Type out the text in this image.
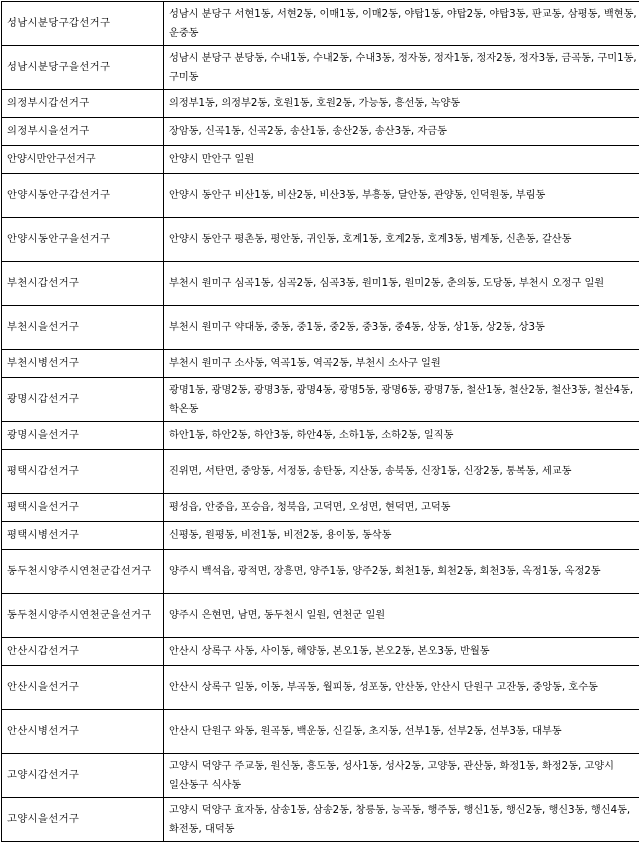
성남시분당구갑선거구	성남시 분당구 서현1동, 서현2동, 이매1동, 이매2동, 야탑1동, 야탑2동, 야탑3동, 판교동, 삼평동, 백현동, 운중동
성남시분당구을선거구	성남시 분당구 분당동, 수내1동, 수내2동, 수내3동, 정자동, 정자1동, 정자2동, 정자3동, 금곡동, 구미1동, 구미동
의정부시갑선거구	의정부1동, 의정부2동, 호원1동, 호원2동, 가능동, 흥선동, 녹양동
의정부시을선거구	장암동, 신곡1동, 신곡2동, 송산1동, 송산2동, 송산3동, 자금동
안양시만안구선거구	안양시 만안구 일원
안양시동안구갑선거구	안양시 동안구 비산1동, 비산2동, 비산3동, 부흥동, 달안동, 관양동, 인덕원동, 부림동
안양시동안구을선거구	안양시 동안구 평촌동, 평안동, 귀인동, 호계1동, 호계2동, 호계3동, 범계동, 신촌동, 갈산동
부천시갑선거구	부천시 원미구 심곡1동, 심곡2동, 심곡3동, 원미1동, 원미2동, 춘의동, 도당동, 부천시 오정구 일원
부천시을선거구	부천시 원미구 약대동, 중동, 중1동, 중2동, 중3동, 중4동, 상동, 상1동, 상2동, 상3동
부천시병선거구	부천시 원미구 소사동, 역곡1동, 역곡2동, 부천시 소사구 일원
광명시갑선거구	광명1동, 광명2동, 광명3동, 광명4동, 광명5동, 광명6동, 광명7동, 철산1동, 철산2동, 철산3동, 철산4동, 학온동
광명시을선거구	하안1동, 하안2동, 하안3동, 하안4동, 소하1동, 소하2동, 일직동
평택시갑선거구	진위면, 서탄면, 중앙동, 서정동, 송탄동, 지산동, 송북동, 신장1동, 신장2동, 통복동, 세교동
평택시을선거구	평성읍, 안중읍, 포승읍, 청북읍, 고덕면, 오성면, 현덕면, 고덕동
평택시병선거구	신평동, 원평동, 비전1동, 비전2동, 용이동, 동삭동
동두천시양주시연천군갑선거구	양주시 백석읍, 광적면, 장흥면, 양주1동, 양주2동, 회천1동, 회천2동, 회천3동, 옥정1동, 옥정2동
동두천시양주시연천군을선거구	양주시 은현면, 남면, 동두천시 일원, 연천군 일원
안산시갑선거구	안산시 상록구 사동, 사이동, 해양동, 본오1동, 본오2동, 본오3동, 반월동
안산시을선거구	안산시 상록구 일동, 이동, 부곡동, 월피동, 성포동, 안산동, 안산시 단원구 고잔동, 중앙동, 호수동
안산시병선거구	안산시 단원구 와동, 원곡동, 백운동, 신길동, 초지동, 선부1동, 선부2동, 선부3동, 대부동
고양시갑선거구	고양시 덕양구 주교동, 원신동, 흥도동, 성사1동, 성사2동, 고양동, 관산동, 화정1동, 화정2동, 고양시 일산동구 식사동
고양시을선거구	고양시 덕양구 효자동, 삼송1동, 삼송2동, 창릉동, 능곡동, 행주동, 행신1동, 행신2동, 행신3동, 행신4동, 화전동, 대덕동
